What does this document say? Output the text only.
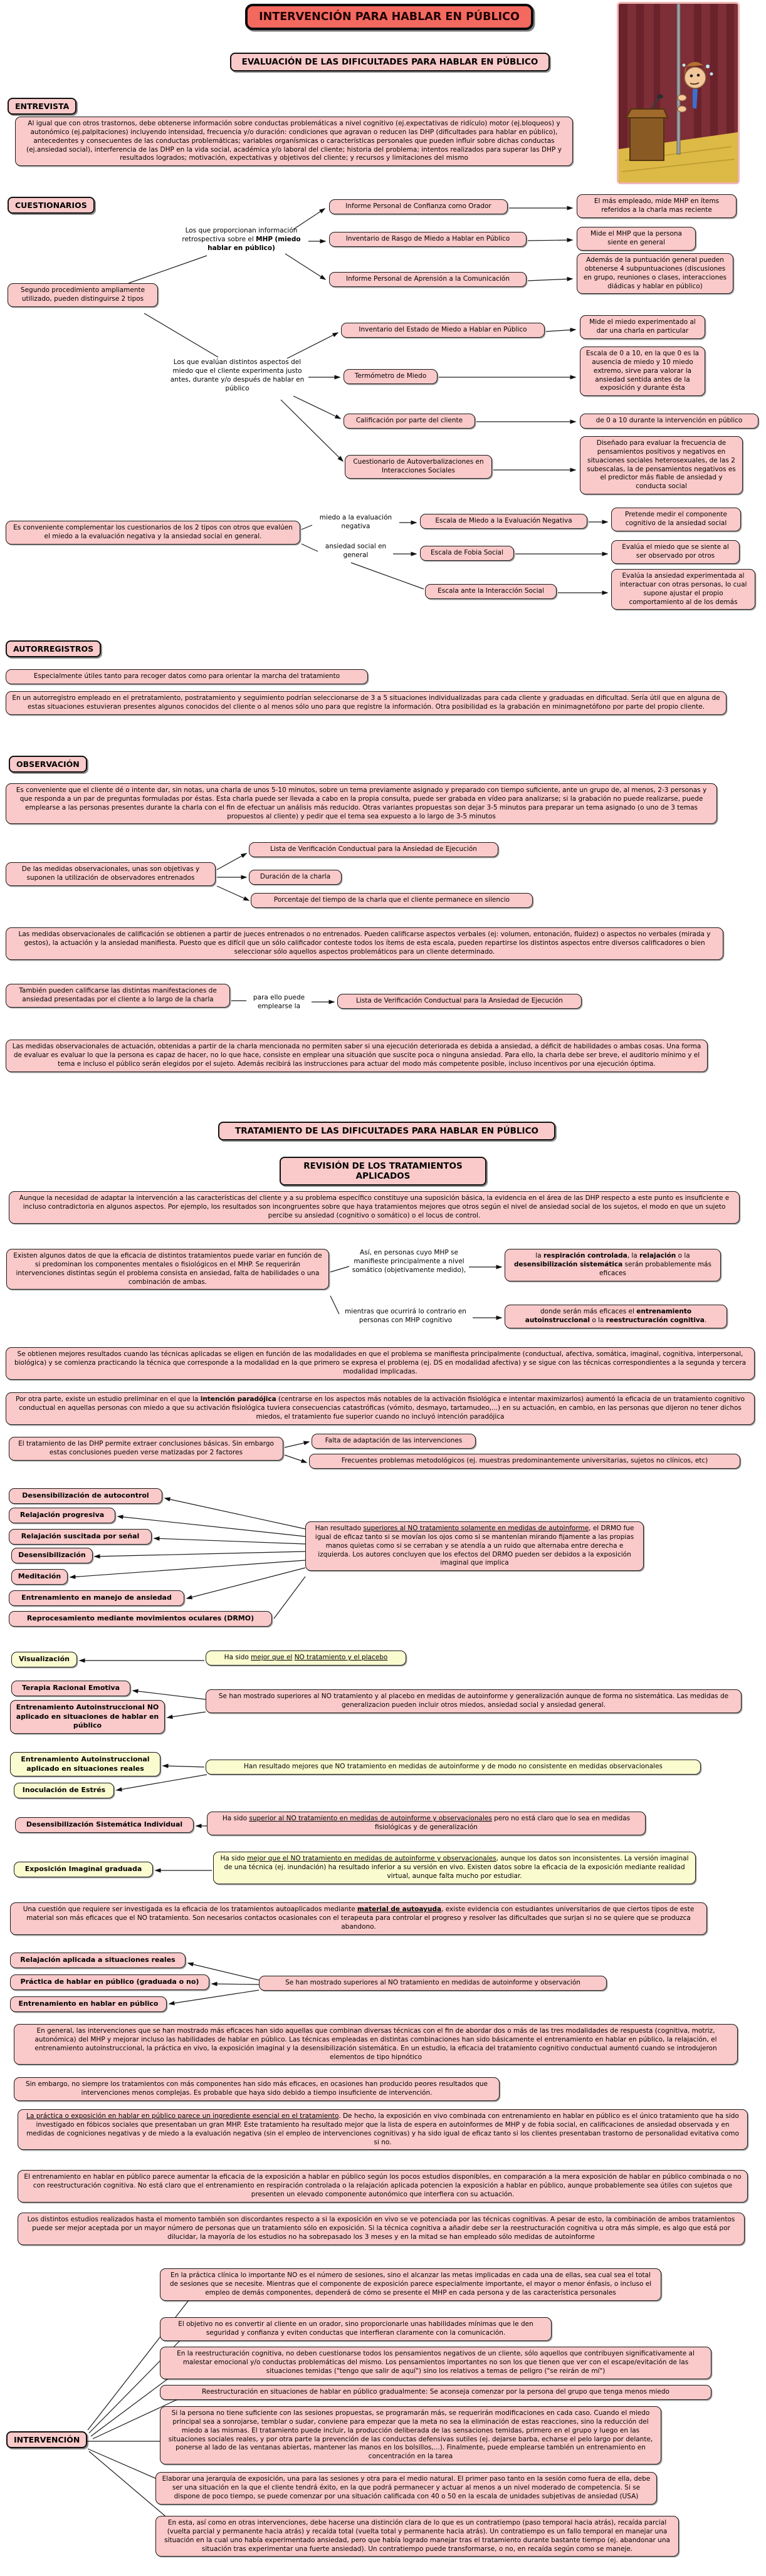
INTERVENCIÓN PARA HABLAR EN PÚBLICO
EVALUACIÓN DE LAS DIFICULTADES PARA HABLAR EN PÚBLICO
ENTREVISTA
Al igual que con otros trastornos, debe obtenerse información sobre conductas problemáticas a nivel cognitivo (ej.expectativas de ridículo) motor (ej.bloqueos) y autonómico (ej.palpitaciones) incluyendo intensidad, frecuencia y/o duración: condiciones que agravan o reducen las DHP (dificultades para hablar en público), antecedentes y consecuentes de las conductas problemáticas; variables organísmicas o características personales que pueden influir sobre dichas conductas (ej.ansiedad social), interferencia de las DHP en la vida social, académica y/o laboral del cliente; historia del problema; intentos realizados para superar las DHP y resultados logrados; motivación, expectativas y objetivos del cliente; y recursos y limitaciones del mismo
CUESTIONARIOS
Los que proporcionan información retrospectiva sobre el MHP (miedo hablar en público)
Informe Personal de Confianza como Orador
El más empleado, mide MHP en ítems referidos a la charla mas reciente
Inventario de Rasgo de Miedo a Hablar en Público
Mide el MHP que la persona siente en general
Informe Personal de Aprensión a la Comunicación
Además de la puntuación general pueden obtenerse 4 subpuntuaciones (discusiones en grupo, reuniones o clases, interacciones diádicas y hablar en público)
Segundo procedimiento ampliamente utilizado, pueden distinguirse 2 tipos
Los que evalúan distintos aspectos del miedo que el cliente experimenta justo antes, durante y/o después de hablar en público
Inventario del Estado de Miedo a Hablar en Público
Mide el miedo experimentado al dar una charla en particular
Termómetro de Miedo
Escala de 0 a 10, en la que 0 es la ausencia de miedo y 10 miedo extremo, sirve para valorar la ansiedad sentida antes de la exposición y durante ésta
Calificación por parte del cliente	de 0 a 10 durante la intervención en público
Cuestionario de Autoverbalizaciones en Interacciones Sociales
Diseñado para evaluar la frecuencia de pensamientos positivos y negativos en situaciones sociales heterosexuales, de las 2 subescalas, la de pensamientos negativos es el predictor más fiable de ansiedad y conducta social
Es conveniente complementar los cuestionarios de los 2 tipos con otros que evalúen el miedo a la evaluación negativa y la ansiedad social en general.
miedo a la evaluación negativa
Escala de Miedo a la Evaluación Negativa
Pretende medir el componente cognitivo de la ansiedad social
ansiedad social en general	Escala de Fobia Social
Evalúa el miedo que se siente al ser observado por otros
Escala ante la Interacción Social
Evalúa la ansiedad experimentada al interactuar con otras personas, lo cual supone ajustar el propio comportamiento al de los demás
AUTORREGISTROS
Especialmente útiles tanto para recoger datos como para orientar la marcha del tratamiento
En un autorregistro empleado en el pretratamiento, postratamiento y seguimiento podrían seleccionarse de 3 a 5 situaciones individualizadas para cada cliente y graduadas en dificultad. Sería útil que en alguna de estas situaciones estuvieran presentes algunos conocidos del cliente o al menos sólo uno para que registre la información. Otra posibilidad es la grabación en minimagnetófono por parte del propio cliente.
OBSERVACIÓN
Es conveniente que el cliente dé o intente dar, sin notas, una charla de unos 5-10 minutos, sobre un tema previamente asignado y preparado con tiempo suficiente, ante un grupo de, al menos, 2-3 personas y que responda a un par de preguntas formuladas por éstas. Esta charla puede ser llevada a cabo en la propia consulta, puede ser grabada en vídeo para analizarse; si la grabación no puede realizarse, puede emplearse a las personas presentes durante la charla con el fin de efectuar un análisis más reducido. Otras variantes propuestas son dejar 3-5 minutos para preparar un tema asignado (o uno de 3 temas propuestos al cliente) y pedir que el tema sea expuesto a lo largo de 3-5 minutos
Lista de Verificación Conductual para la Ansiedad de Ejecución
De las medidas observacionales, unas son objetivas y suponen la utilización de observadores entrenados	Duración de la charla
Porcentaje del tiempo de la charla que el cliente permanece en silencio
Las medidas observacionales de calificación se obtienen a partir de jueces entrenados o no entrenados. Pueden calificarse aspectos verbales (ej: volumen, entonación, fluidez) o aspectos no verbales (mirada y gestos), la actuación y la ansiedad manifiesta. Puesto que es difícil que un sólo calificador conteste todos los ítems de esta escala, pueden repartirse los distintos aspectos entre diversos calificadores o bien seleccionar sólo aquellos aspectos problemáticos para un cliente determinado.
También pueden calificarse las distintas manifestaciones de ansiedad presentadas por el cliente a lo largo de la charla	para ello puede emplearse la
Lista de Verificación Conductual para la Ansiedad de Ejecución
Las medidas observacionales de actuación, obtenidas a partir de la charla mencionada no permiten saber si una ejecución deteriorada es debida a ansiedad, a déficit de habilidades o ambas cosas. Una forma de evaluar es evaluar lo que la persona es capaz de hacer, no lo que hace, consiste en emplear una situación que suscite poca o ninguna ansiedad. Para ello, la charla debe ser breve, el auditorio mínimo y el tema e incluso el público serán elegidos por el sujeto. Además recibirá las instrucciones para actuar del modo más competente posible, incluso incentivos por una ejecución óptima.
TRATAMIENTO DE LAS DIFICULTADES PARA HABLAR EN PÚBLICO
REVISIÓN DE LOS TRATAMIENTOS APLICADOS
Aunque la necesidad de adaptar la intervención a las características del cliente y a su problema específico constituye una suposición básica, la evidencia en el área de las DHP respecto a este punto es insuficiente e incluso contradictoria en algunos aspectos. Por ejemplo, los resultados son incongruentes sobre que haya tratamientos mejores que otros según el nivel de ansiedad social de los sujetos, el modo en que un sujeto percibe su ansiedad (cognitivo o somático) o el locus de control.
Existen algunos datos de que la eficacia de distintos tratamientos puede variar en función de si predominan los componentes mentales o fisiológicos en el MHP. Se requerirán intervenciones distintas según el problema consista en ansiedad, falta de habilidades o una combinación de ambas.
Así, en personas cuyo MHP se manifieste principalmente a nivel somático (objetivamente medido),
la respiración controlada, la relajación o la desensibilización sistemática serán probablemente más eficaces
mientras que ocurrirá lo contrario en personas con MHP cognitivo
donde serán más eficaces el entrenamiento autoinstruccional o la reestructuración cognitiva.
Se obtienen mejores resultados cuando las técnicas aplicadas se eligen en función de las modalidades en que el problema se manifiesta principalmente (conductual, afectiva, somática, imaginal, cognitiva, interpersonal, biológica) y se comienza practicando la técnica que corresponde a la modalidad en la que primero se expresa el problema (ej. DS en modalidad afectiva) y se sigue con las técnicas correspondientes a la segunda y tercera modalidad implicadas.
Por otra parte, existe un estudio preliminar en el que la intención paradójica (centrarse en los aspectos más notables de la activación fisiológica e intentar maximizarlos) aumentó la eficacia de un tratamiento cognitivo conductual en aquellas personas con miedo a que su activación fisiológica tuviera consecuencias catastróficas (vómito, desmayo, tartamudeo,...) en su actuación, en cambio, en las personas que dijeron no tener dichos miedos, el tratamiento fue superior cuando no incluyó intención paradójica
El tratamiento de las DHP permite extraer conclusiones básicas. Sin embargo estas conclusiones pueden verse matizadas por 2 factores
Falta de adaptación de las intervenciones
Frecuentes problemas metodológicos (ej. muestras predominantemente universitarias, sujetos no clínicos, etc)
Desensibilización de autocontrol
Relajación progresiva
Relajación suscitada por señal
Desensibilización
Meditación
Entrenamiento en manejo de ansiedad
Reprocesamiento mediante movimientos oculares (DRMO)
Han resultado superiores al NO tratamiento solamente en medidas de autoinforme, el DRMO fue igual de eficaz tanto si se movían los ojos como si se mantenían mirando fijamente a las propias manos quietas como si se cerraban y se atendía a un ruido que alternaba entre derecha e izquierda. Los autores concluyen que los efectos del DRMO pueden ser debidos a la exposición imaginal que implica
Visualización	Ha sido mejor que el NO tratamiento y el placebo
Terapia Racional Emotiva
Se han mostrado superiores al NO tratamiento y al placebo en medidas de autoinforme y generalización aunque de forma no sistemática. Las medidas de generalizacion pueden incluir otros miedos, ansiedad social y ansiedad general.
Entrenamiento Autoinstruccional NO aplicado en situaciones de hablar en público
Entrenamiento Autoinstruccional aplicado en situaciones reales	Han resultado mejores que NO tratamiento en medidas de autoinforme y de modo no consistente en medidas observacionales
Inoculación de Estrés
Desensibilización Sistemática Individual
Ha sido superior al NO tratamiento en medidas de autoinforme y observacionales pero no está claro que lo sea en medidas fisiológicas y de generalización
Exposición Imaginal graduada
Ha sido mejor que el NO tratamiento en medidas de autoinforme y observacionales, aunque los datos son inconsistentes. La versión imaginal de una técnica (ej. inundación) ha resultado inferior a su versión en vivo. Existen datos sobre la eficacia de la exposición mediante realidad virtual, aunque falta mucho por estudiar.
Una cuestión que requiere ser investigada es la eficacia de los tratamientos autoaplicados mediante material de autoayuda, existe evidencia con estudiantes universitarios de que ciertos tipos de este material son más eficaces que el NO tratamiento. Son necesarios contactos ocasionales con el terapeuta para controlar el progreso y resolver las dificultades que surjan si no se quiere que se produzca abandono.
Relajación aplicada a situaciones reales
Práctica de hablar en público (graduada o no)	Se han mostrado superiores al NO tratamiento en medidas de autoinforme y observación
Entrenamiento en hablar en público
En general, las intervenciones que se han mostrado más eficaces han sido aquellas que combinan diversas técnicas con el fin de abordar dos o más de las tres modalidades de respuesta (cognitiva, motriz, autonómica) del MHP y mejorar incluso las habilidades de hablar en público. Las técnicas empleadas en distintas combinaciones han sido básicamente el entrenamiento en hablar en público, la relajación, el entrenamiento autoinstruccional, la práctica en vivo, la exposición imaginal y la desensibilización sistemática. En un estudio, la eficacia del tratamiento cognitivo conductual aumentó cuando se introdujeron elementos de tipo hipnótico
Sin embargo, no siempre los tratamientos con más componentes han sido más eficaces, en ocasiones han producido peores resultados que intervenciones menos complejas. Es probable que haya sido debido a tiempo insuficiente de intervención.
La práctica o exposición en hablar en público parece un ingrediente esencial en el tratamiento. De hecho, la exposición en vivo combinada con entrenamiento en hablar en público es el único tratamiento que ha sido investigado en fóbicos sociales que presentaban un gran MHP. Este tratamiento ha resultado mejor que la lista de espera en autoinformes de MHP y de fobia social, en calificaciones de ansiedad observada y en medidas de cogniciones negativas y de miedo a la evaluación negativa (sin el empleo de intervenciones cognitivas) y ha sido igual de eficaz tanto si los clientes presentaban trastorno de personalidad evitativa como si no.
El entrenamiento en hablar en público parece aumentar la eficacia de la exposición a hablar en público según los pocos estudios disponibles, en comparación a la mera exposición de hablar en público combinada o no con reestructuración cognitiva. No está claro que el entrenamiento en respiración controlada o la relajación aplicada potencien la exposición a hablar en público, aunque probablemente sea útiles con sujetos que presenten un elevado componente autonómico que interfiera con su actuación.
Los distintos estudios realizados hasta el momento también son discordantes respecto a si la exposición en vivo se ve potenciada por las técnicas cognitivas. A pesar de esto, la combinación de ambos tratamientos puede ser mejor aceptada por un mayor número de personas que un tratamiento sólo en exposición. Si la técnica cognitiva a añadir debe ser la reestructuración cognitiva u otra más simple, es algo que está por dilucidar, la mayoría de los estudios no ha sobrepasado los 3 meses y en la mitad se han empleado sólo medidas de autoinforme
En la práctica clínica lo importante NO es el número de sesiones, sino el alcanzar las metas implicadas en cada una de ellas, sea cual sea el total de sesiones que se necesite. Mientras que el componente de exposición parece especialmente importante, el mayor o menor énfasis, o incluso el empleo de demás componentes, dependerá de cómo se presente el MHP en cada persona y de las característica personales
El objetivo no es convertir al cliente en un orador, sino proporcionarle unas habilidades mínimas que le den seguridad y confianza y eviten conductas que interfieran claramente con la comunicación.
En la reestructuración cognitiva, no deben cuestionarse todos los pensamientos negativos de un cliente, sólo aquellos que contribuyen significativamente al malestar emocional y/o conductas problemáticas del mismo. Los pensamientos importantes no son los que tienen que ver con el escape/evitación de las situaciones temidas ("tengo que salir de aquí") sino los relativos a temas de peligro ("se reirán de mí")
Reestructuración en situaciones de hablar en público gradualmente: Se aconseja comenzar por la persona del grupo que tenga menos miedo
Si la persona no tiene suficiente con las sesiones propuestas, se programarán más, se requerirán modificaciones en cada caso. Cuando el miedo principal sea a sonrojarse, temblar o sudar, conviene para empezar que la meta no sea la eliminación de estas reacciones, sino la reducción del miedo a las mismas. El tratamiento puede incluir, la producción deliberada de las sensaciones temidas, primero en el grupo y luego en las situaciones sociales reales, y por otra parte la prevención de las conductas defensivas sutiles (ej. dejarse barba, echarse el pelo largo por delante, ponerse al lado de las ventanas abiertas, mantener las manos en los bolsillos,...). Finalmente, puede emplearse también un entrenamiento en concentración en la tarea
INTERVENCIÓN
Elaborar una jerarquía de exposición, una para las sesiones y otra para el medio natural. El primer paso tanto en la sesión como fuera de ella, debe ser una situación en la que el cliente tendrá éxito, en la que podrá permanecer y actuar al menos a un nivel moderado de competencia. Si se dispone de poco tiempo, se puede comenzar por una situación calificada con 40 o 50 en la escala de unidades subjetivas de ansiedad (USA)
En esta, así como en otras intervenciones, debe hacerse una distinción clara de lo que es un contratiempo (paso temporal hacia atrás), recaída parcial (vuelta parcial y permanente hacia atrás) y recaída total (vuelta total y permanente hacia atrás). Un contratiempo es un fallo temporal en manejar una situación en la cual uno había experimentado ansiedad, pero que había logrado manejar tras el tratamiento durante bastante tiempo (ej. abandonar una situación tras experimentar una fuerte ansiedad). Un contratiempo puede transformarse, o no, en recaída según como se maneje.
